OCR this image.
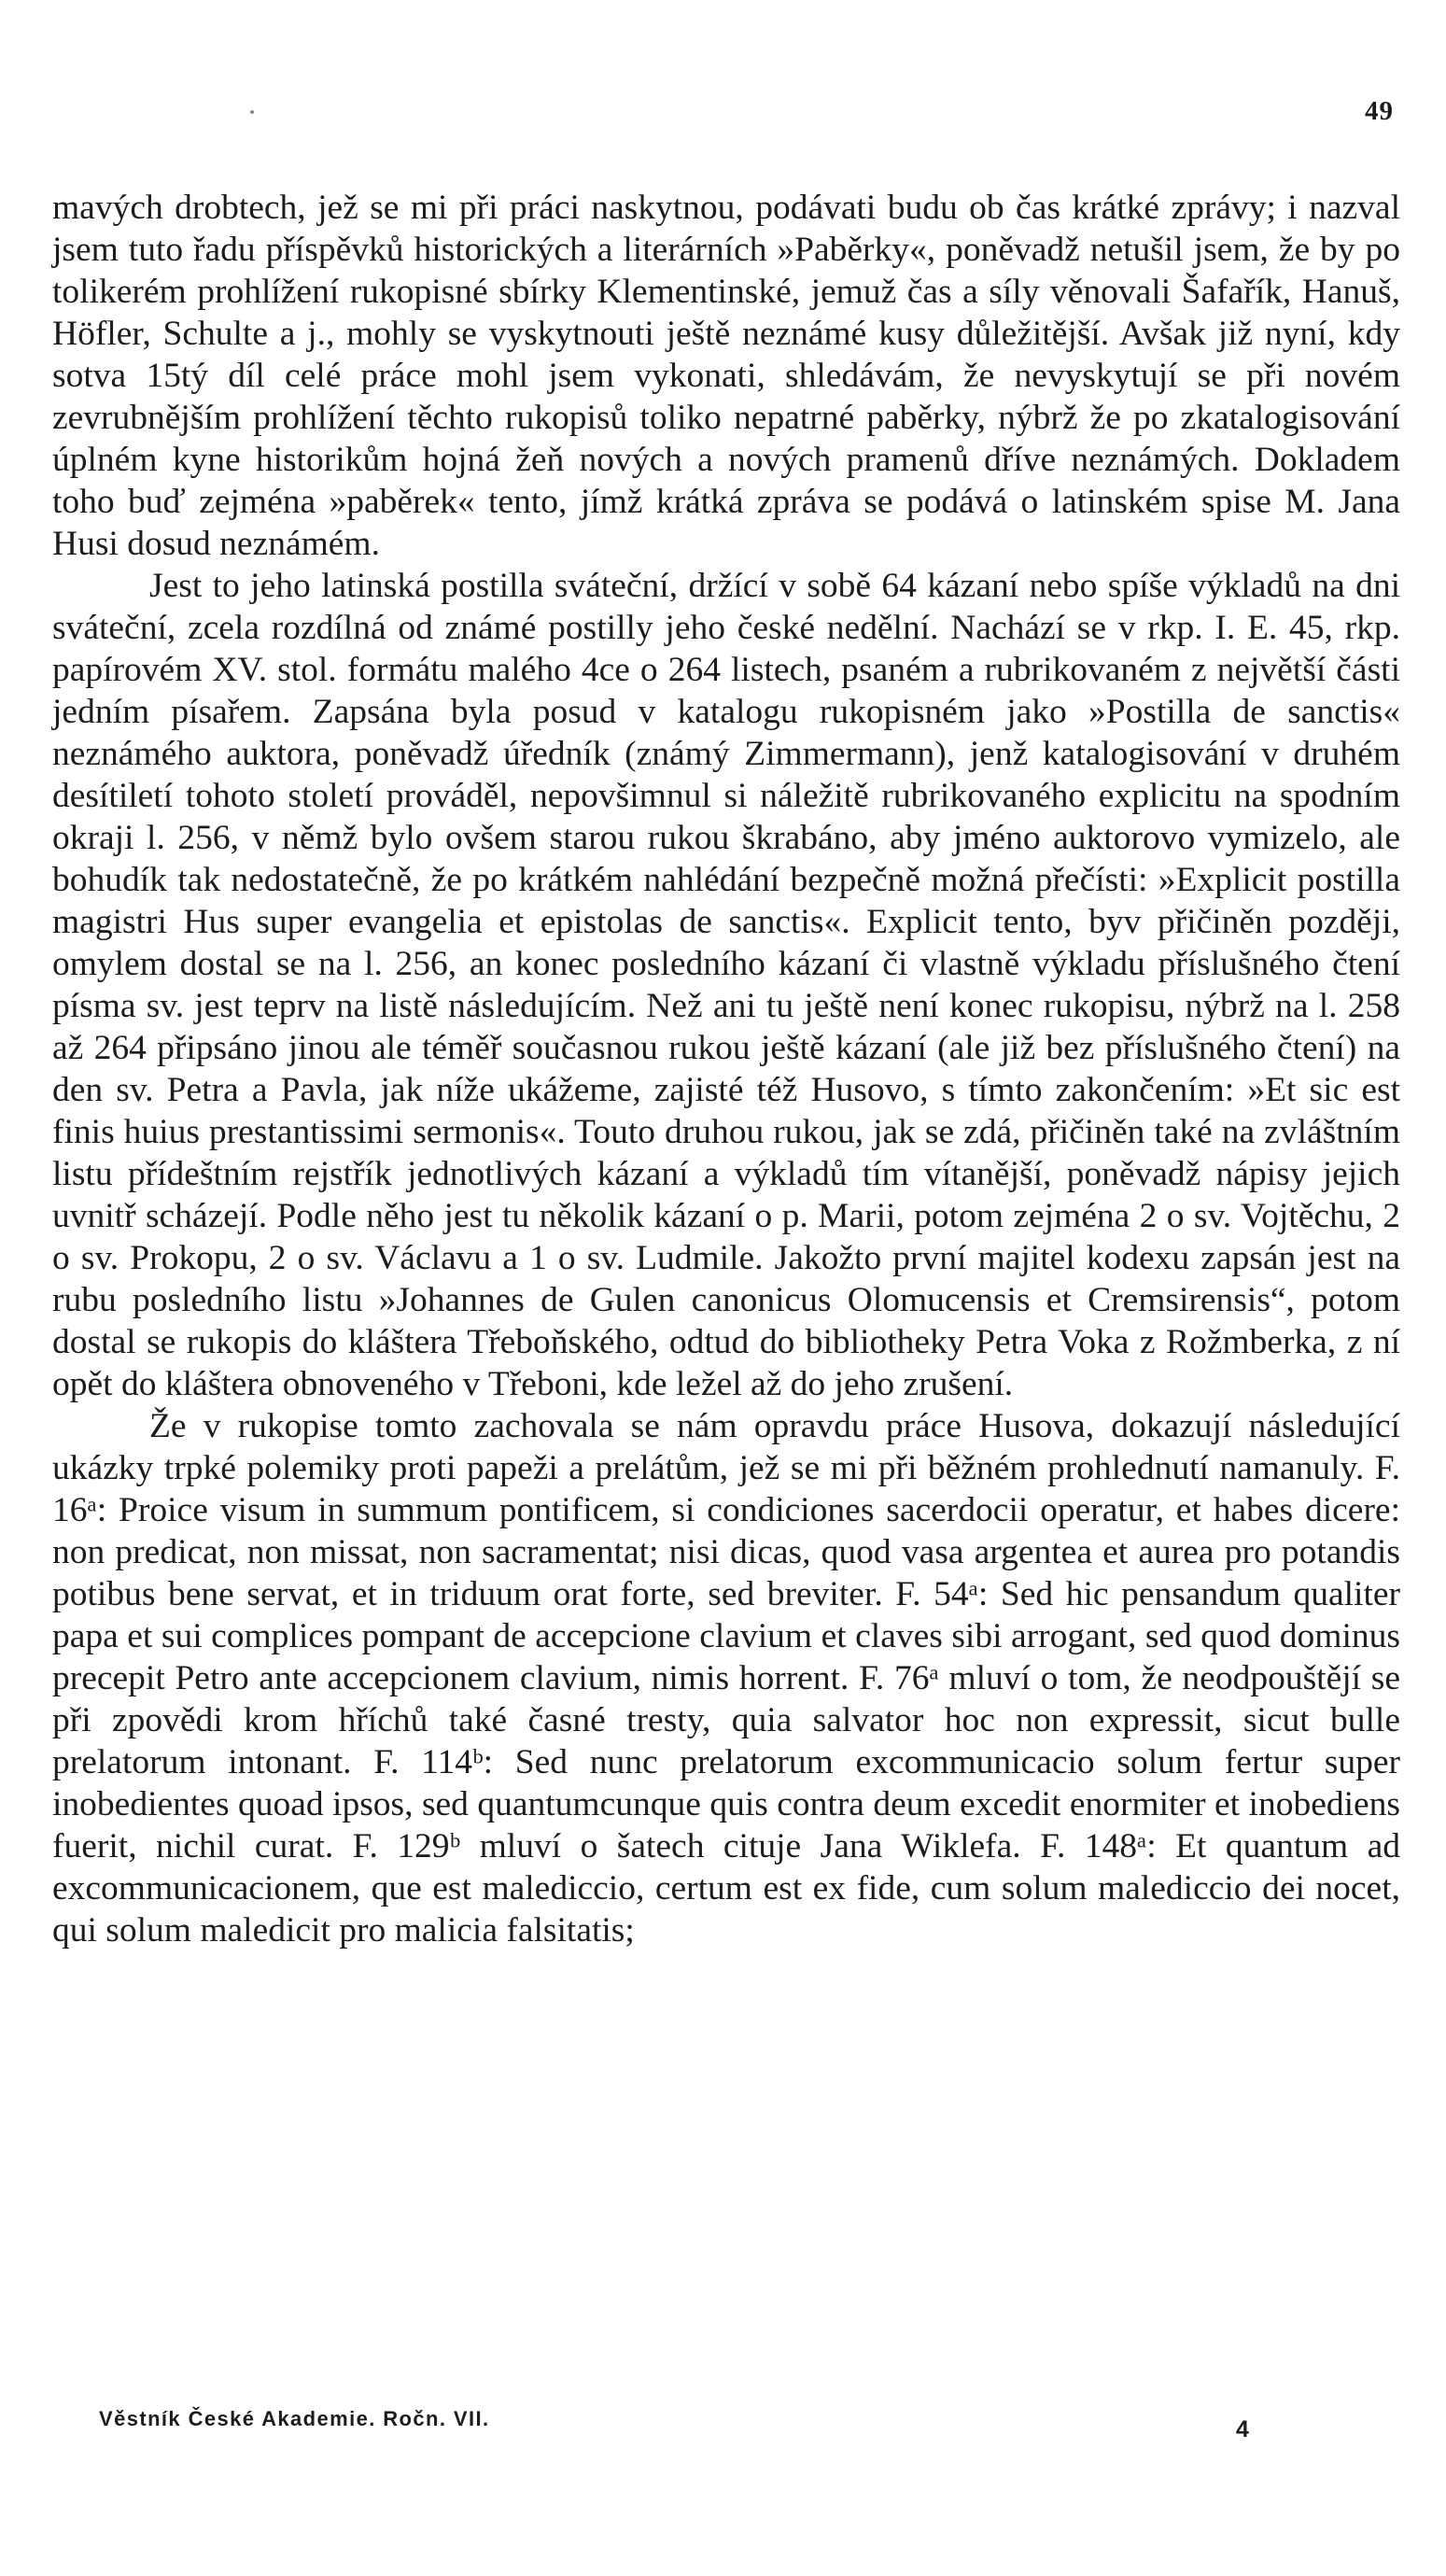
49

mavých drobtech, jež se mi při práci naskytnou, podávati budu ob čas krátké zprávy; i nazval jsem tuto řadu příspěvků historických a literárních »Paběrky«, poněvadž netušil jsem, že by po tolikerém prohlížení rukopisné sbírky Klementinské, jemuž čas a síly věnovali Šafařík, Hanuš, Höfler, Schulte a j., mohly se vyskytnouti ještě neznámé kusy důležitější. Avšak již nyní, kdy sotva 15tý díl celé práce mohl jsem vykonati, shledávám, že nevyskytují se při novém zevrubnějším prohlížení těchto rukopisů toliko nepatrné paběrky, nýbrž že po zkatalogisování úplném kyne historikům hojná žeň nových a nových pramenů dříve neznámých. Dokladem toho buď zejména »paběrek« tento, jímž krátká zpráva se podává o latinském spise M. Jana Husi dosud neznámém.

Jest to jeho latinská postilla sváteční, držící v sobě 64 kázaní nebo spíše výkladů na dni sváteční, zcela rozdílná od známé postilly jeho české nedělní. Nachází se v rkp. I. E. 45, rkp. papírovém XV. stol. formátu malého 4ce o 264 listech, psaném a rubrikovaném z největší části jedním písařem. Zapsána byla posud v katalogu rukopisném jako »Postilla de sanctis« neznámého auktora, poněvadž úředník (známý Zimmermann), jenž katalogisování v druhém desítiletí tohoto století prováděl, nepovšimnul si náležitě rubrikovaného explicitu na spodním okraji l. 256, v němž bylo ovšem starou rukou škrabáno, aby jméno auktorovo vymizelo, ale bohudík tak nedostatečně, že po krátkém nahlédání bezpečně možná přečísti: »Explicit postilla magistri Hus super evangelia et epistolas de sanctis«. Explicit tento, byv přičiněn později, omylem dostal se na l. 256, an konec posledního kázaní či vlastně výkladu příslušného čtení písma sv. jest teprv na listě následujícím. Než ani tu ještě není konec rukopisu, nýbrž na l. 258 až 264 připsáno jinou ale téměř současnou rukou ještě kázaní (ale již bez příslušného čtení) na den sv. Petra a Pavla, jak níže ukážeme, zajisté též Husovo, s tímto zakončením: »Et sic est finis huius prestantissimi sermonis«. Touto druhou rukou, jak se zdá, přičiněn také na zvláštním listu přídeštním rejstřík jednotlivých kázaní a výkladů tím vítanější, poněvadž nápisy jejich uvnitř scházejí. Podle něho jest tu několik kázaní o p. Marii, potom zejména 2 o sv. Vojtěchu, 2 o sv. Prokopu, 2 o sv. Václavu a 1 o sv. Ludmile. Jakožto první majitel kodexu zapsán jest na rubu posledního listu »Johannes de Gulen canonicus Olomucensis et Cremsirensis“, potom dostal se rukopis do kláštera Třeboňského, odtud do bibliotheky Petra Voka z Rožmberka, z ní opět do kláštera obnoveného v Třeboni, kde ležel až do jeho zrušení.

Že v rukopise tomto zachovala se nám opravdu práce Husova, dokazují následující ukázky trpké polemiky proti papeži a prelátům, jež se mi při běžném prohlednutí namanuly. F. 16ᵃ: Proice visum in summum pontificem, si condiciones sacerdocii operatur, et habes dicere: non predicat, non missat, non sacramentat; nisi dicas, quod vasa argentea et aurea pro potandis potibus bene servat, et in triduum orat forte, sed breviter. F. 54ᵃ: Sed hic pensandum qualiter papa et sui complices pompant de accepcione clavium et claves sibi arrogant, sed quod dominus precepit Petro ante accepcionem clavium, nimis horrent. F. 76ᵃ mluví o tom, že neodpouštějí se při zpovědi krom hříchů také časné tresty, quia salvator hoc non expressit, sicut bulle prelatorum intonant. F. 114ᵇ: Sed nunc prelatorum excommunicacio solum fertur super inobedientes quoad ipsos, sed quantumcunque quis contra deum excedit enormiter et inobediens fuerit, nichil curat. F. 129ᵇ mluví o šatech cituje Jana Wiklefa. F. 148ᵃ: Et quantum ad excommunicacionem, que est malediccio, certum est ex fide, cum solum malediccio dei nocet, qui solum maledicit pro malicia falsitatis;

Věstník České Akademie. Ročn. VII.	4
